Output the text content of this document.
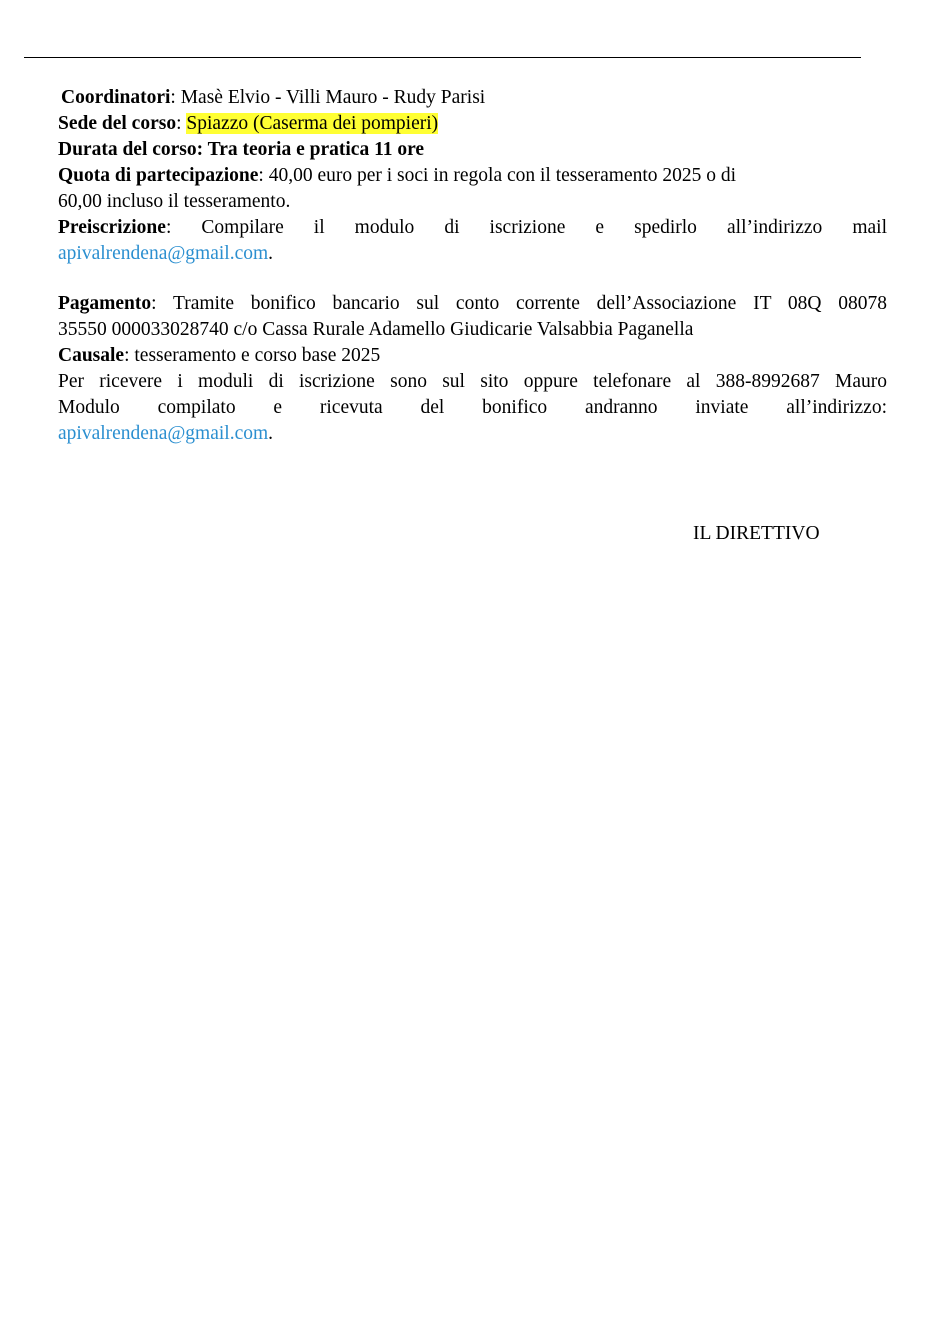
Coordinatori: Masè Elvio - Villi Mauro - Rudy Parisi
Sede del corso: Spiazzo (Caserma dei pompieri)
Durata del corso: Tra teoria e pratica 11 ore
Quota di partecipazione: 40,00 euro per i soci in regola con il tesseramento 2025 o di
60,00 incluso il tesseramento.
Preiscrizione: Compilare il modulo di iscrizione e spedirlo all’indirizzo mail
apivalrendena@gmail.com.
Pagamento: Tramite bonifico bancario sul conto corrente dell’Associazione IT 08Q 08078
35550 000033028740 c/o Cassa Rurale Adamello Giudicarie Valsabbia Paganella
Causale: tesseramento e corso base 2025
Per ricevere i moduli di iscrizione sono sul sito oppure telefonare al 388-8992687 Mauro
Modulo compilato e ricevuta del bonifico andranno inviate all’indirizzo:
apivalrendena@gmail.com.
IL DIRETTIVO
